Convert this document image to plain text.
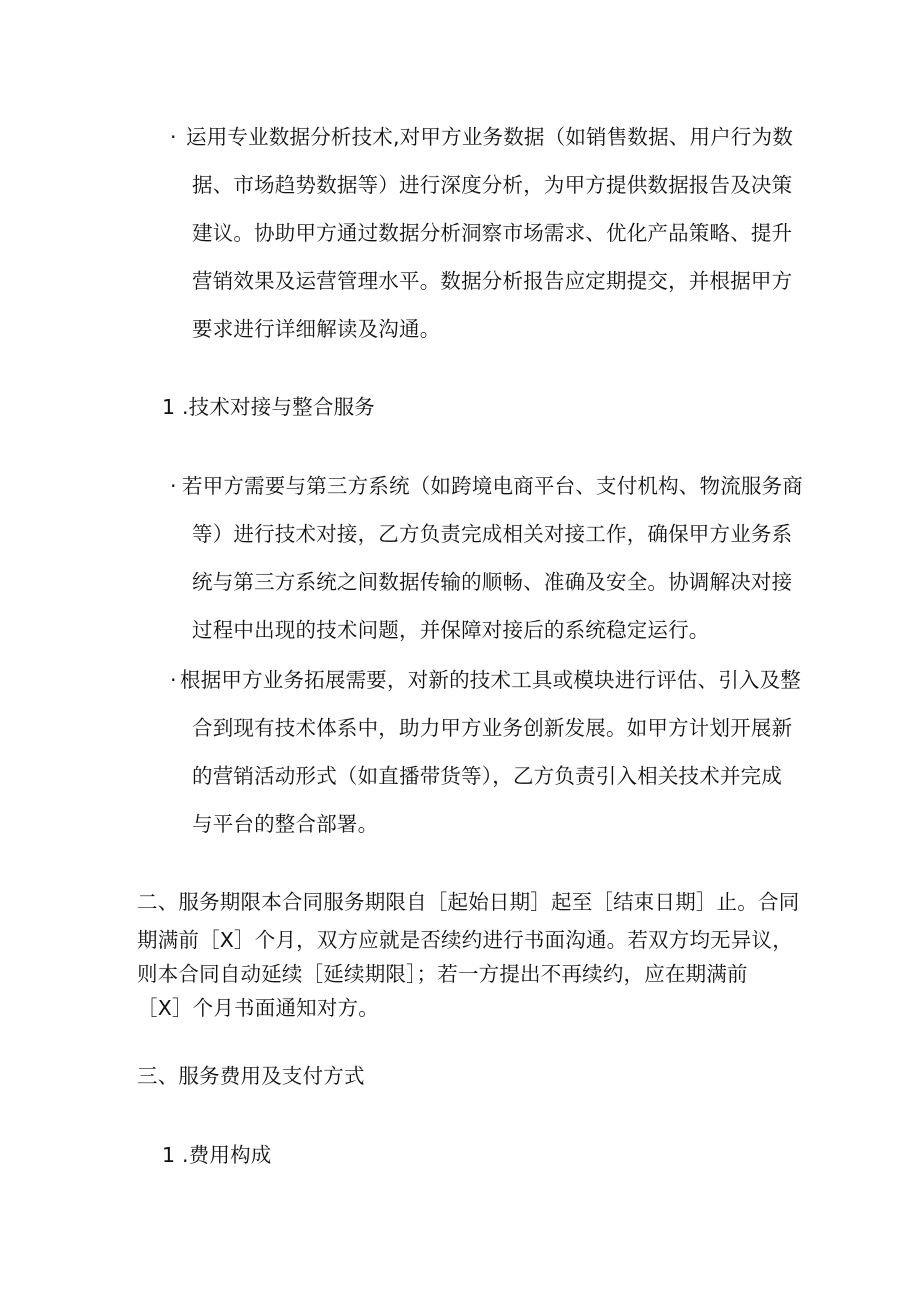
· 运用专业数据分析技术,对甲方业务数据（如销售数据、用户行为数
据、市场趋势数据等）进行深度分析，为甲方提供数据报告及决策
建议。协助甲方通过数据分析洞察市场需求、优化产品策略、提升
营销效果及运营管理水平。数据分析报告应定期提交，并根据甲方
要求进行详细解读及沟通。
1 .技术对接与整合服务
· 若甲方需要与第三方系统（如跨境电商平台、支付机构、物流服务商
等）进行技术对接，乙方负责完成相关对接工作，确保甲方业务系
统与第三方系统之间数据传输的顺畅、准确及安全。协调解决对接
过程中出现的技术问题，并保障对接后的系统稳定运行。
· 根据甲方业务拓展需要，对新的技术工具或模块进行评估、引入及整
合到现有技术体系中，助力甲方业务创新发展。如甲方计划开展新
的营销活动形式（如直播带货等），乙方负责引入相关技术并完成
与平台的整合部署。
二、服务期限本合同服务期限自［起始日期］起至［结束日期］止。合同
期满前［X］个月，双方应就是否续约进行书面沟通。若双方均无异议，
则本合同自动延续［延续期限］；若一方提出不再续约，应在期满前
［X］个月书面通知对方。
三、服务费用及支付方式
1 .费用构成
